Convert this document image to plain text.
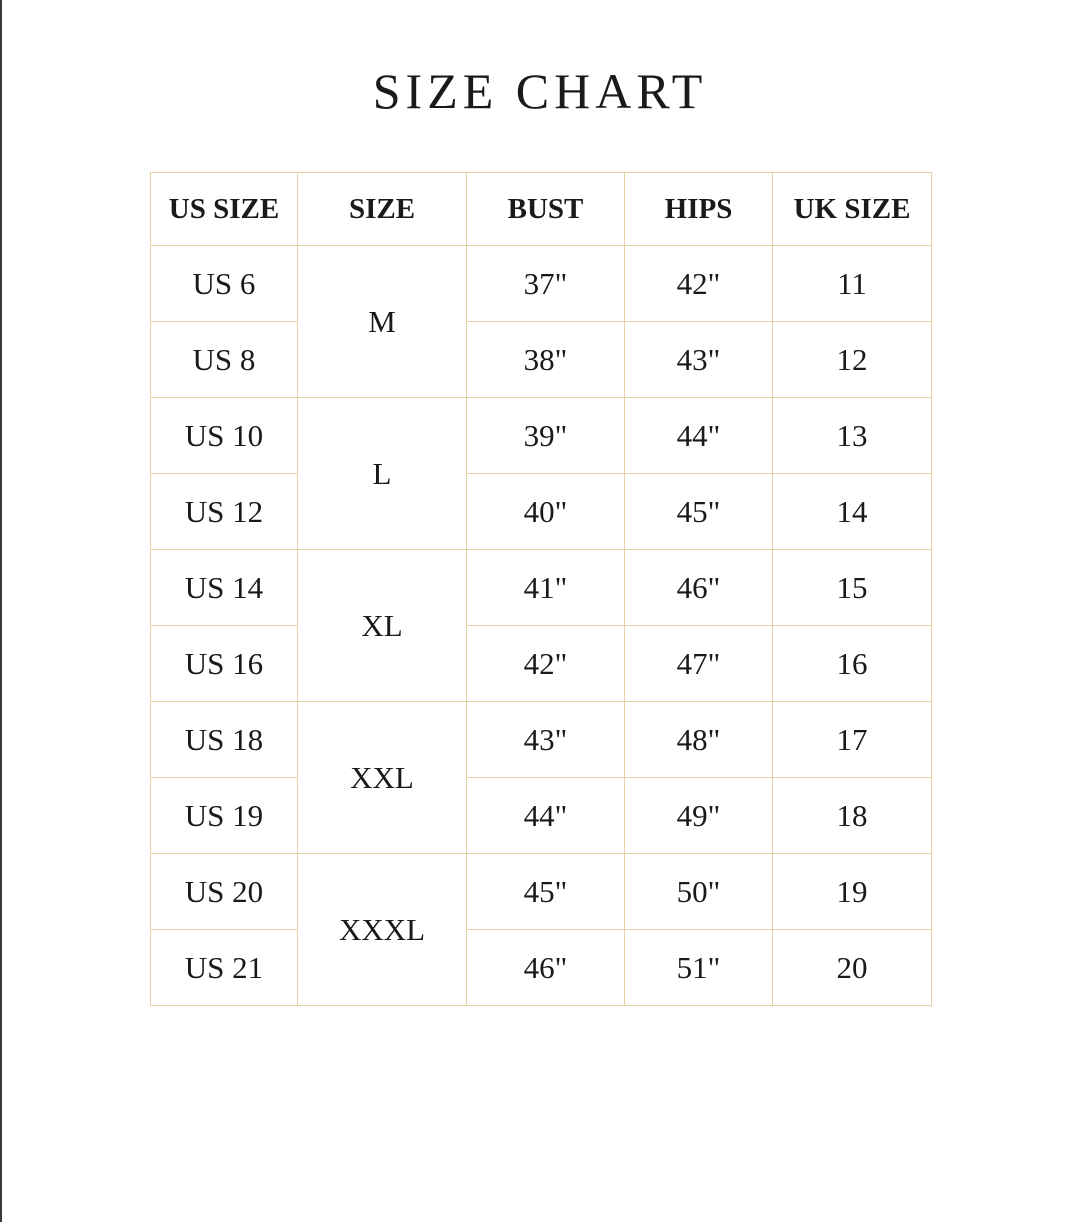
SIZE CHART
US SIZE	SIZE	BUST	HIPS	UK SIZE
US 6	M	37"	42"	11
US 8		38"	43"	12
US 10	L	39"	44"	13
US 12		40"	45"	14
US 14	XL	41"	46"	15
US 16		42"	47"	16
US 18	XXL	43"	48"	17
US 19		44"	49"	18
US 20	XXXL	45"	50"	19
US 21		46"	51"	20
